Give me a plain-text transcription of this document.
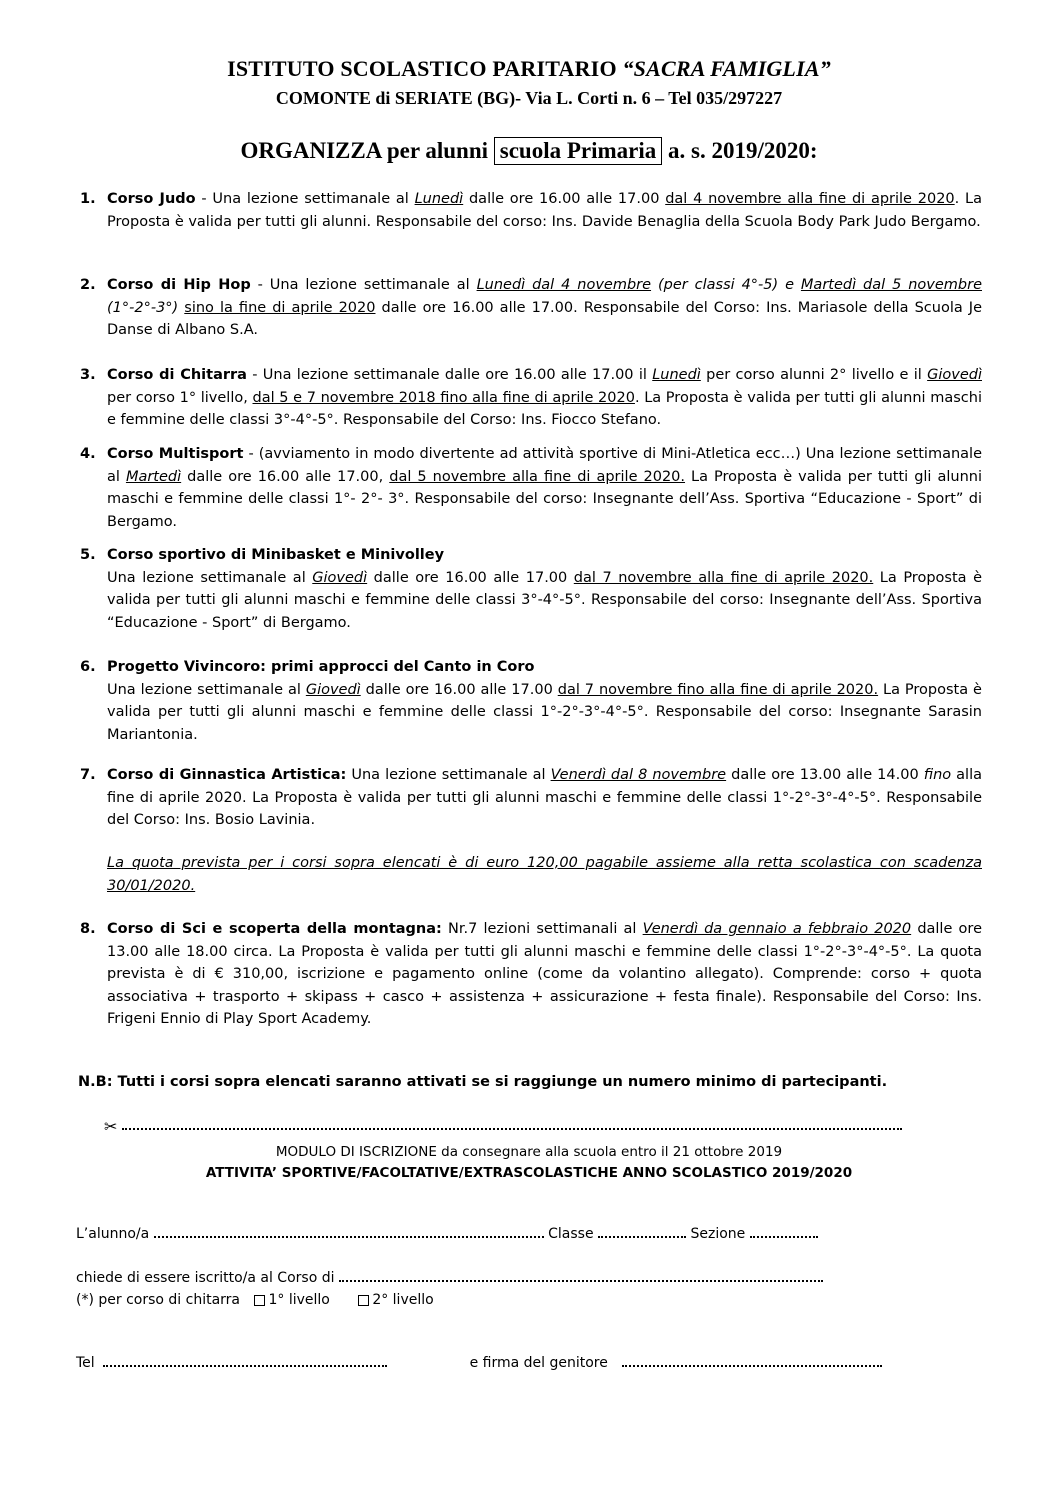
ISTITUTO SCOLASTICO PARITARIO “SACRA FAMIGLIA”
COMONTE di SERIATE (BG)- Via L. Corti n. 6 – Tel 035/297227
ORGANIZZA per alunni scuola Primaria a. s. 2019/2020:
1. Corso Judo - Una lezione settimanale al Lunedì dalle ore 16.00 alle 17.00 dal 4 novembre alla fine di aprile 2020. La Proposta è valida per tutti gli alunni. Responsabile del corso: Ins. Davide Benaglia della Scuola Body Park Judo Bergamo.
2. Corso di Hip Hop - Una lezione settimanale al Lunedì dal 4 novembre (per classi 4°-5) e Martedì dal 5 novembre (1°-2°-3°) sino la fine di aprile 2020 dalle ore 16.00 alle 17.00. Responsabile del Corso: Ins. Mariasole della Scuola Je Danse di Albano S.A.
3. Corso di Chitarra - Una lezione settimanale dalle ore 16.00 alle 17.00 il Lunedì per corso alunni 2° livello e il Giovedì per corso 1° livello, dal 5 e 7 novembre 2018 fino alla fine di aprile 2020. La Proposta è valida per tutti gli alunni maschi e femmine delle classi 3°-4°-5°. Responsabile del Corso: Ins. Fiocco Stefano.
4. Corso Multisport - (avviamento in modo divertente ad attività sportive di Mini-Atletica ecc…) Una lezione settimanale al Martedì dalle ore 16.00 alle 17.00, dal 5 novembre alla fine di aprile 2020. La Proposta è valida per tutti gli alunni maschi e femmine delle classi 1°- 2°- 3°. Responsabile del corso: Insegnante dell’Ass. Sportiva “Educazione - Sport” di Bergamo.
5. Corso sportivo di Minibasket e Minivolley
Una lezione settimanale al Giovedì dalle ore 16.00 alle 17.00 dal 7 novembre alla fine di aprile 2020. La Proposta è valida per tutti gli alunni maschi e femmine delle classi 3°-4°-5°. Responsabile del corso: Insegnante dell’Ass. Sportiva “Educazione - Sport” di Bergamo.
6. Progetto Vivincoro: primi approcci del Canto in Coro
Una lezione settimanale al Giovedì dalle ore 16.00 alle 17.00 dal 7 novembre fino alla fine di aprile 2020. La Proposta è valida per tutti gli alunni maschi e femmine delle classi 1°-2°-3°-4°-5°. Responsabile del corso: Insegnante Sarasin Mariantonia.
7. Corso di Ginnastica Artistica: Una lezione settimanale al Venerdì dal 8 novembre dalle ore 13.00 alle 14.00 fino alla fine di aprile 2020. La Proposta è valida per tutti gli alunni maschi e femmine delle classi 1°-2°-3°-4°-5°. Responsabile del Corso: Ins. Bosio Lavinia.
8. Corso di Sci e scoperta della montagna: Nr.7 lezioni settimanali al Venerdì da gennaio a febbraio 2020 dalle ore 13.00 alle 18.00 circa. La Proposta è valida per tutti gli alunni maschi e femmine delle classi 1°-2°-3°-4°-5°. La quota prevista è di € 310,00, iscrizione e pagamento online (come da volantino allegato). Comprende: corso + quota associativa + trasporto + skipass + casco + assistenza + assicurazione + festa finale). Responsabile del Corso: Ins. Frigeni Ennio di Play Sport Academy.
La quota prevista per i corsi sopra elencati è di euro 120,00 pagabile assieme alla retta scolastica con scadenza 30/01/2020.
N.B: Tutti i corsi sopra elencati saranno attivati se si raggiunge un numero minimo di partecipanti.
✂
MODULO DI ISCRIZIONE da consegnare alla scuola entro il 21 ottobre 2019
ATTIVITA’ SPORTIVE/FACOLTATIVE/EXTRASCOLASTICHE ANNO SCOLASTICO 2019/2020
L’alunno/a	Classe	Sezione
chiede di essere iscritto/a al Corso di
(*) per corso di chitarra 1° livello	2° livello
Tel	e firma del genitore
